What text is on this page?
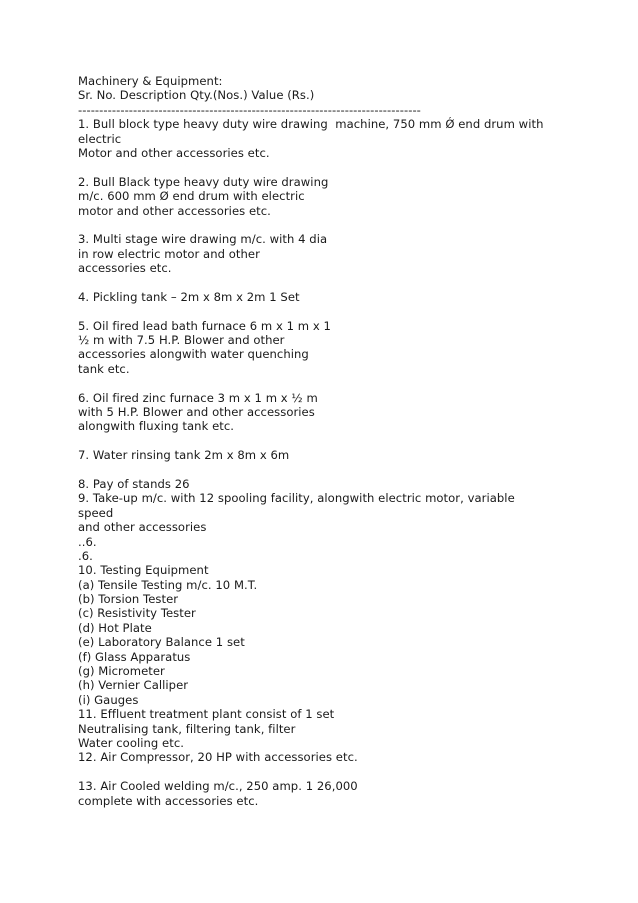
Machinery & Equipment:
Sr. No. Description Qty.(Nos.) Value (Rs.)
---------------------------------------------------------------------------------
1. Bull block type heavy duty wire drawing  machine, 750 mm Ǿ end drum with
electric
Motor and other accessories etc.
2. Bull Black type heavy duty wire drawing
m/c. 600 mm Ø end drum with electric
motor and other accessories etc.
3. Multi stage wire drawing m/c. with 4 dia
in row electric motor and other
accessories etc.
4. Pickling tank – 2m x 8m x 2m 1 Set
5. Oil fired lead bath furnace 6 m x 1 m x 1
½ m with 7.5 H.P. Blower and other
accessories alongwith water quenching
tank etc.
6. Oil fired zinc furnace 3 m x 1 m x ½ m
with 5 H.P. Blower and other accessories
alongwith fluxing tank etc.
7. Water rinsing tank 2m x 8m x 6m
8. Pay of stands 26
9. Take-up m/c. with 12 spooling facility, alongwith electric motor, variable
speed
and other accessories
..6.
.6.
10. Testing Equipment
(a) Tensile Testing m/c. 10 M.T.
(b) Torsion Tester
(c) Resistivity Tester
(d) Hot Plate
(e) Laboratory Balance 1 set
(f) Glass Apparatus
(g) Micrometer
(h) Vernier Calliper
(i) Gauges
11. Effluent treatment plant consist of 1 set
Neutralising tank, filtering tank, filter
Water cooling etc.
12. Air Compressor, 20 HP with accessories etc.
13. Air Cooled welding m/c., 250 amp. 1 26,000
complete with accessories etc.
